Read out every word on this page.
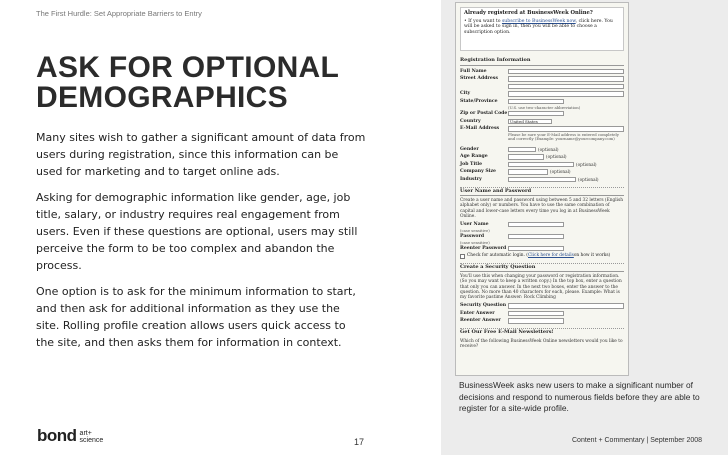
The First Hurdle: Set Appropriate Barriers to Entry
ASK FOR OPTIONAL
DEMOGRAPHICS

Many sites wish to gather a significant amount of data from users during registration, since this information can be used for marketing and to target online ads.

Asking for demographic information like gender, age, job title, salary, or industry requires real engagement from users. Even if these questions are optional, users may still perceive the form to be too complex and abandon the process.

One option is to ask for the minimum information to start, and then ask for additional information as they use the site. Rolling profile creation allows users quick access to the site, and then asks them for information in context.

Already registered at BusinessWeek Online?
• If you want to subscribe to BusinessWeek now, click here. You will be asked to sign in, then you will be able to choose a subscription option.
Registration Information
Full Name
Street Address
City
State/Province
(U.S. use two-character abbreviation)
Zip or Postal Code
Country	United States
E-Mail Address
Please be sure your E-Mail address is entered completely and correctly (Example: yourname@yourcompany.com)
Gender	(optional)
Age Range	(optional)
Job Title	(optional)
Company Size	(optional)
Industry	(optional)
User Name and Password
Create a user name and password using between 5 and 32 letters (English alphabet only) or numbers. You have to use the same combination of capital and lower-case letters every time you log in at BusinessWeek Online.
User Name
(case sensitive)
Password
(case sensitive)
Reenter Password
Check for automatic login. ( Click here for details on how it works)
Create a Security Question
You'll use this when changing your password or registration information. (So you may want to keep a written copy.) In the top box, enter a question that only you can answer. In the next two boxes, enter the answer to the question. No more than 40 characters for each, please. Example: What is my favorite pastime Answer: Rock Climbing
Security Question
Enter Answer
Reenter Answer
Get Our Free E-Mail Newsletters!
Which of the following BusinessWeek Online newsletters would you like to receive?
BusinessWeek asks new users to make a significant number of decisions and respond to numerous fields before they are able to register for a site-wide profile.
bond art+
science	17	Content + Commentary | September 2008
